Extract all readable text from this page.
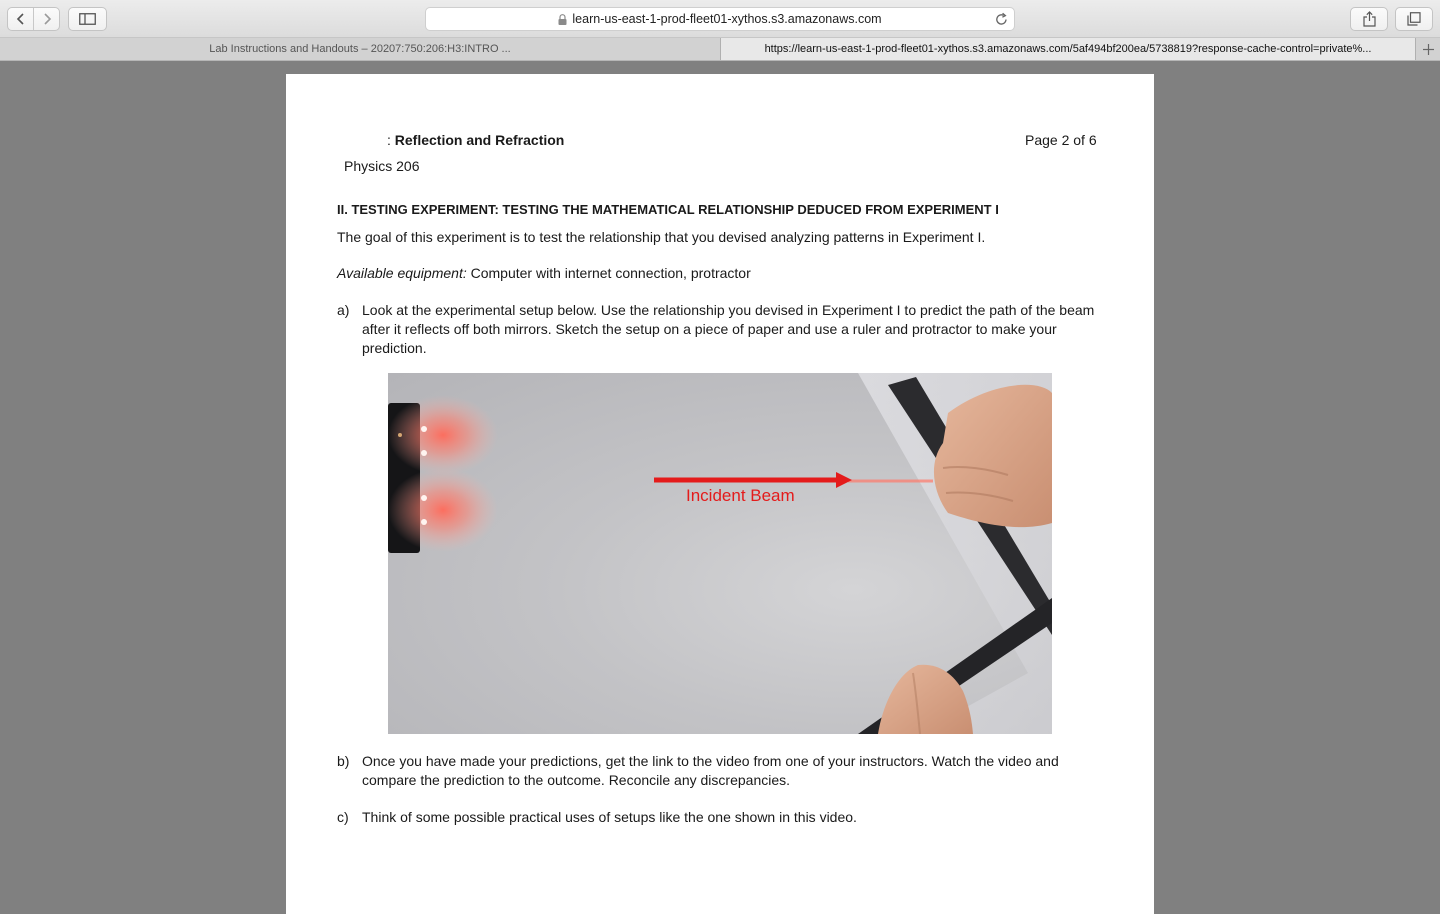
learn-us-east-1-prod-fleet01-xythos.s3.amazonaws.com
Lab Instructions and Handouts – 20207:750:206:H3:INTRO ...	https://learn-us-east-1-prod-fleet01-xythos.s3.amazonaws.com/5af494bf200ea/5738819?response-cache-control=private%...
: Reflection and Refraction
Physics 206
Page 2 of 6
II. TESTING EXPERIMENT: TESTING THE MATHEMATICAL RELATIONSHIP DEDUCED FROM EXPERIMENT I
The goal of this experiment is to test the relationship that you devised analyzing patterns in Experiment I.
Available equipment: Computer with internet connection, protractor
a) Look at the experimental setup below. Use the relationship you devised in Experiment I to predict the path of the beam after it reflects off both mirrors. Sketch the setup on a piece of paper and use a ruler and protractor to make your prediction.
Incident Beam
b) Once you have made your predictions, get the link to the video from one of your instructors. Watch the video and compare the prediction to the outcome. Reconcile any discrepancies.
c) Think of some possible practical uses of setups like the one shown in this video.
